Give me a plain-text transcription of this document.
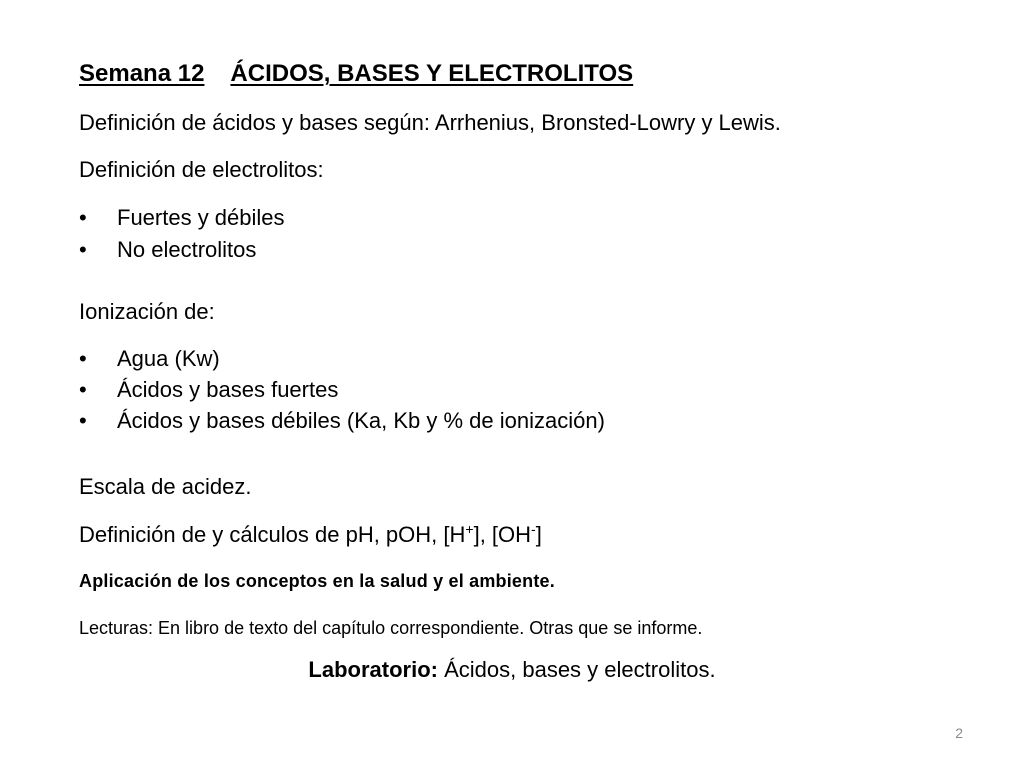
Semana 12 ÁCIDOS, BASES Y ELECTROLITOS
Definición de ácidos y bases según: Arrhenius, Bronsted-Lowry y Lewis.
Definición de electrolitos:
• Fuertes y débiles
• No electrolitos
Ionización de:
• Agua (Kw)
• Ácidos y bases fuertes
• Ácidos y bases débiles (Ka, Kb y % de ionización)
Escala de acidez.
Definición de y cálculos de pH, pOH, [H+], [OH-]
Aplicación de los conceptos en la salud y el ambiente.
Lecturas: En libro de texto del capítulo correspondiente. Otras que se informe.
Laboratorio: Ácidos, bases y electrolitos.
2
